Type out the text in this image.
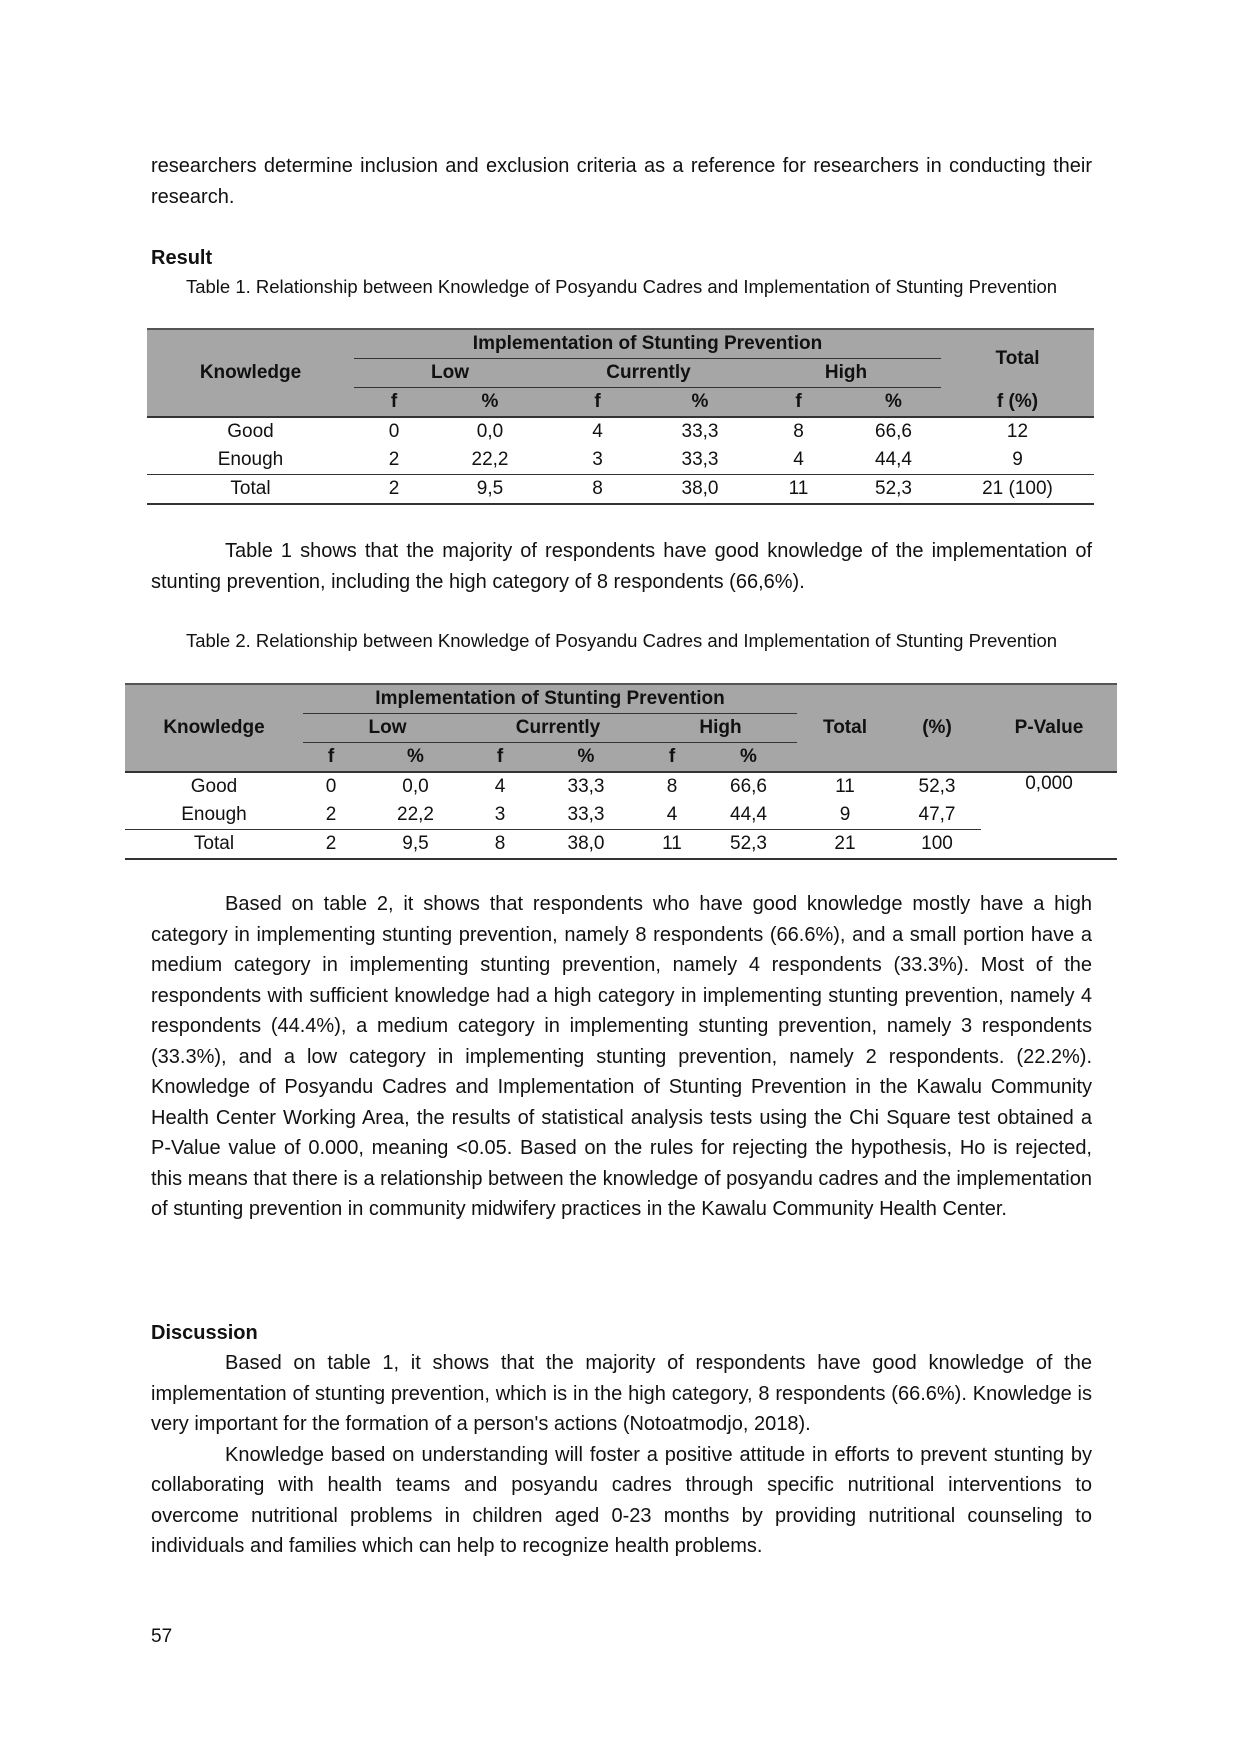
researchers determine inclusion and exclusion criteria as a reference for researchers in conducting their research.

Result
Table 1. Relationship between Knowledge of Posyandu Cadres and Implementation of Stunting Prevention
Knowledge	Implementation of Stunting Prevention						Total
	Low		Currently		High		
	f	%	f	%	f	%	f (%)
Good	0	0,0	4	33,3	8	66,6	12
Enough	2	22,2	3	33,3	4	44,4	9
Total	2	9,5	8	38,0	11	52,3	21 (100)

Table 1 shows that the majority of respondents have good knowledge of the implementation of stunting prevention, including the high category of 8 respondents (66,6%).

Table 2. Relationship between Knowledge of Posyandu Cadres and Implementation of Stunting Prevention
Knowledge	Implementation of Stunting Prevention						Total	(%)	P-Value
	Low		Currently		High				
	f	%	f	%	f	%			
Good	0	0,0	4	33,3	8	66,6	11	52,3	0,000
Enough	2	22,2	3	33,3	4	44,4	9	47,7	
Total	2	9,5	8	38,0	11	52,3	21	100	

Based on table 2, it shows that respondents who have good knowledge mostly have a high category in implementing stunting prevention, namely 8 respondents (66.6%), and a small portion have a medium category in implementing stunting prevention, namely 4 respondents (33.3%). Most of the respondents with sufficient knowledge had a high category in implementing stunting prevention, namely 4 respondents (44.4%), a medium category in implementing stunting prevention, namely 3 respondents (33.3%), and a low category in implementing stunting prevention, namely 2 respondents. (22.2%). Knowledge of Posyandu Cadres and Implementation of Stunting Prevention in the Kawalu Community Health Center Working Area, the results of statistical analysis tests using the Chi Square test obtained a P-Value value of 0.000, meaning <0.05. Based on the rules for rejecting the hypothesis, Ho is rejected, this means that there is a relationship between the knowledge of posyandu cadres and the implementation of stunting prevention in community midwifery practices in the Kawalu Community Health Center.

Discussion

Based on table 1, it shows that the majority of respondents have good knowledge of the implementation of stunting prevention, which is in the high category, 8 respondents (66.6%). Knowledge is very important for the formation of a person's actions (Notoatmodjo, 2018).

Knowledge based on understanding will foster a positive attitude in efforts to prevent stunting by collaborating with health teams and posyandu cadres through specific nutritional interventions to overcome nutritional problems in children aged 0-23 months by providing nutritional counseling to individuals and families which can help to recognize health problems.

57
